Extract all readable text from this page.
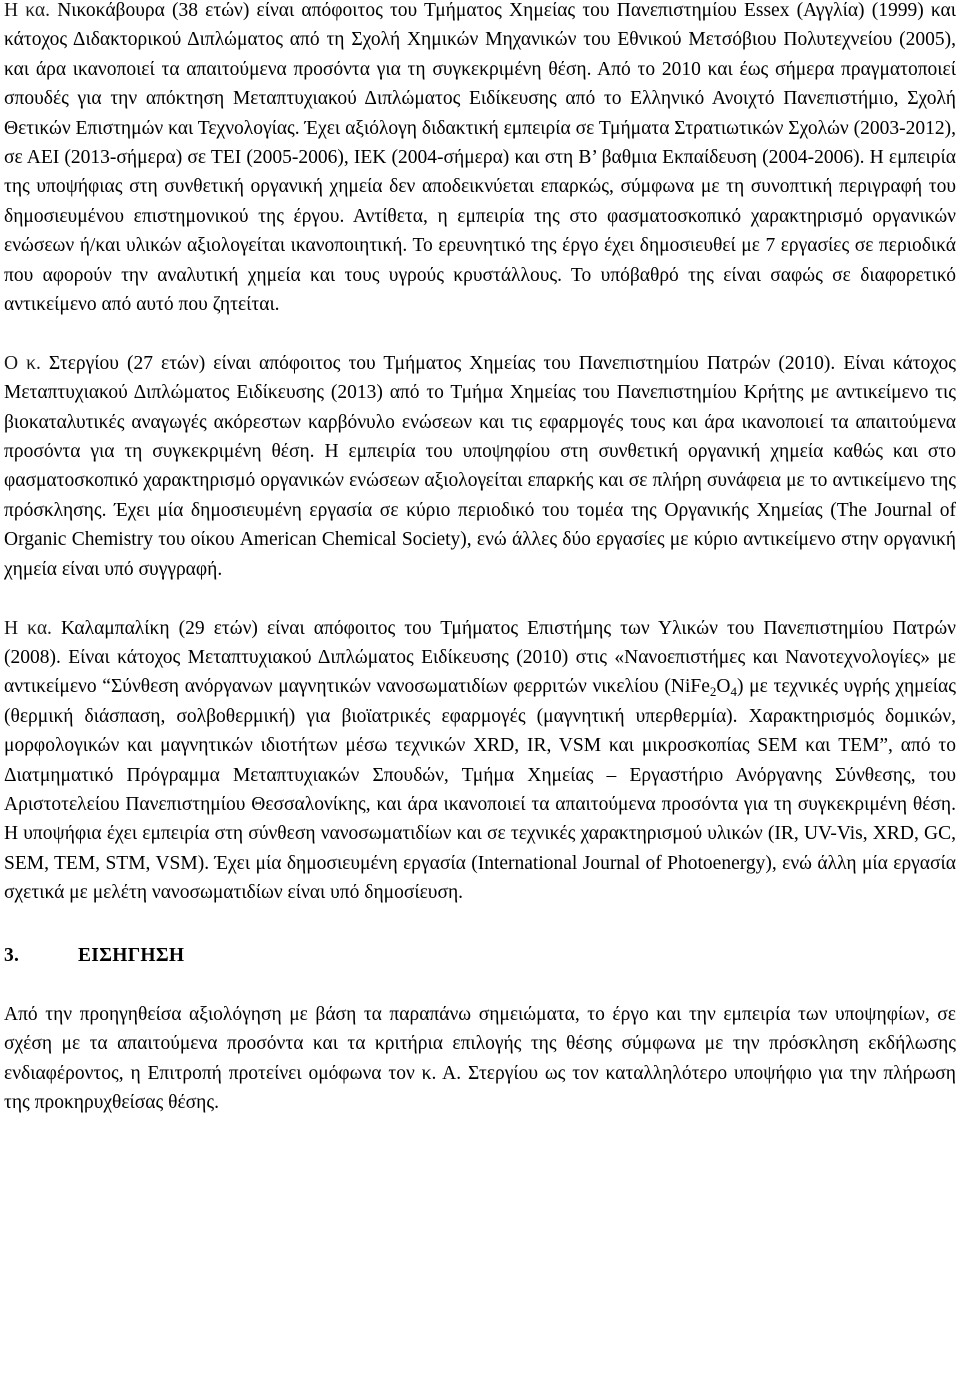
Η κα. Νικοκάβουρα (38 ετών) είναι απόφοιτος του Τμήματος Χημείας του Πανεπιστημίου Essex (Αγγλία) (1999) και κάτοχος Διδακτορικού Διπλώματος από τη Σχολή Χημικών Μηχανικών του Εθνικού Μετσόβιου Πολυτεχνείου (2005), και άρα ικανοποιεί τα απαιτούμενα προσόντα για τη συγκεκριμένη θέση. Από το 2010 και έως σήμερα πραγματοποιεί σπουδές για την απόκτηση Μεταπτυχιακού Διπλώματος Ειδίκευσης από το Ελληνικό Ανοιχτό Πανεπιστήμιο, Σχολή Θετικών Επιστημών και Τεχνολογίας. Έχει αξιόλογη διδακτική εμπειρία σε Τμήματα Στρατιωτικών Σχολών (2003-2012), σε ΑΕΙ (2013-σήμερα) σε ΤΕΙ (2005-2006), ΙΕΚ (2004-σήμερα) και στη Β’ βαθμια Εκπαίδευση (2004-2006). Η εμπειρία της υποψήφιας στη συνθετική οργανική χημεία δεν αποδεικνύεται επαρκώς, σύμφωνα με τη συνοπτική περιγραφή του δημοσιευμένου επιστημονικού της έργου. Αντίθετα, η εμπειρία της στο φασματοσκοπικό χαρακτηρισμό οργανικών ενώσεων ή/και υλικών αξιολογείται ικανοποιητική. Το ερευνητικό της έργο έχει δημοσιευθεί με 7 εργασίες σε περιοδικά που αφορούν την αναλυτική χημεία και τους υγρούς κρυστάλλους. Το υπόβαθρό της είναι σαφώς σε διαφορετικό αντικείμενο από αυτό που ζητείται.

Ο κ. Στεργίου (27 ετών) είναι απόφοιτος του Τμήματος Χημείας του Πανεπιστημίου Πατρών (2010). Είναι κάτοχος Μεταπτυχιακού Διπλώματος Ειδίκευσης (2013) από το Τμήμα Χημείας του Πανεπιστημίου Κρήτης με αντικείμενο τις βιοκαταλυτικές αναγωγές ακόρεστων καρβόνυλο ενώσεων και τις εφαρμογές τους και άρα ικανοποιεί τα απαιτούμενα προσόντα για τη συγκεκριμένη θέση. Η εμπειρία του υποψηφίου στη συνθετική οργανική χημεία καθώς και στο φασματοσκοπικό χαρακτηρισμό οργανικών ενώσεων αξιολογείται επαρκής και σε πλήρη συνάφεια με το αντικείμενο της πρόσκλησης. Έχει μία δημοσιευμένη εργασία σε κύριο περιοδικό του τομέα της Οργανικής Χημείας (The Journal of Organic Chemistry του οίκου American Chemical Society), ενώ άλλες δύο εργασίες με κύριο αντικείμενο στην οργανική χημεία είναι υπό συγγραφή.

Η κα. Καλαμπαλίκη (29 ετών) είναι απόφοιτος του Τμήματος Επιστήμης των Υλικών του Πανεπιστημίου Πατρών (2008). Είναι κάτοχος Μεταπτυχιακού Διπλώματος Ειδίκευσης (2010) στις «Νανοεπιστήμες και Νανοτεχνολογίες» με αντικείμενο “Σύνθεση ανόργανων μαγνητικών νανοσωματιδίων φερριτών νικελίου $(NiFe_2O_4)$ με τεχνικές υγρής χημείας (θερμική διάσπαση, σολβοθερμική) για βιοϊατρικές εφαρμογές (μαγνητική υπερθερμία). Χαρακτηρισμός δομικών, μορφολογικών και μαγνητικών ιδιοτήτων μέσω τεχνικών XRD, IR, VSM και μικροσκοπίας SEM και TEM”, από το Διατμηματικό Πρόγραμμα Μεταπτυχιακών Σπουδών, Τμήμα Χημείας – Εργαστήριο Ανόργανης Σύνθεσης, του Αριστοτελείου Πανεπιστημίου Θεσσαλονίκης, και άρα ικανοποιεί τα απαιτούμενα προσόντα για τη συγκεκριμένη θέση. Η υποψήφια έχει εμπειρία στη σύνθεση νανοσωματιδίων και σε τεχνικές χαρακτηρισμού υλικών (IR, UV-Vis, XRD, GC, SEM, TEM, STM, VSM). Έχει μία δημοσιευμένη εργασία (International Journal of Photoenergy), ενώ άλλη μία εργασία σχετικά με μελέτη νανοσωματιδίων είναι υπό δημοσίευση.

3.	ΕΙΣΗΓΗΣΗ

Από την προηγηθείσα αξιολόγηση με βάση τα παραπάνω σημειώματα, το έργο και την εμπειρία των υποψηφίων, σε σχέση με τα απαιτούμενα προσόντα και τα κριτήρια επιλογής της θέσης σύμφωνα με την πρόσκληση εκδήλωσης ενδιαφέροντος, η Επιτροπή προτείνει ομόφωνα τον κ. Α. Στεργίου ως τον καταλληλότερο υποψήφιο για την πλήρωση της προκηρυχθείσας θέσης.
